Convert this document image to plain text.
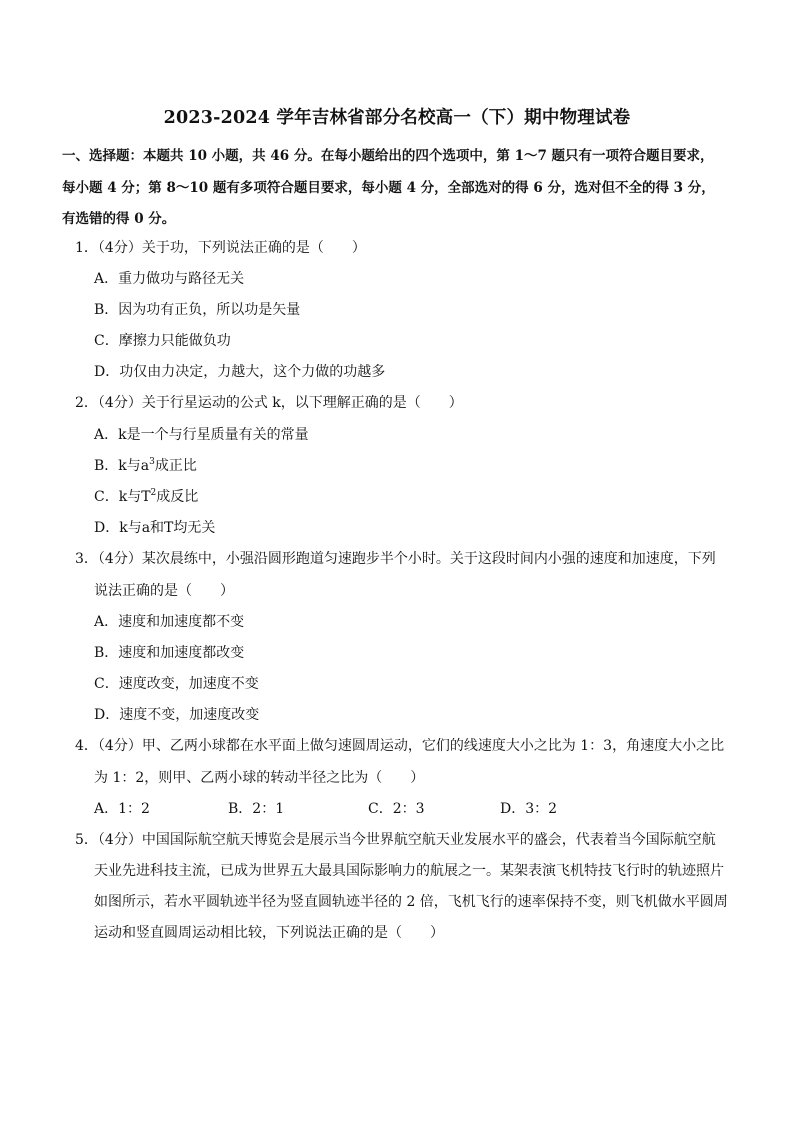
2023-2024 学年吉林省部分名校高一（下）期中物理试卷
一、选择题：本题共 10 小题，共 46 分。在每小题给出的四个选项中，第 1～7 题只有一项符合题目要求，
每小题 4 分；第 8～10 题有多项符合题目要求，每小题 4 分，全部选对的得 6 分，选对但不全的得 3 分，
有选错的得 0 分。
1．（4分）关于功，下列说法正确的是（　　）
A．重力做功与路径无关
B．因为功有正负，所以功是矢量
C．摩擦力只能做负功
D．功仅由力决定，力越大，这个力做的功越多
2．（4分）关于行星运动的公式 k，以下理解正确的是（　　）
A．k是一个与行星质量有关的常量
B．k与$a^3$成正比
C．k与$T^2$成反比
D．k与a和T均无关
3．（4分）某次晨练中，小强沿圆形跑道匀速跑步半个小时。关于这段时间内小强的速度和加速度，下列
说法正确的是（　　）
A．速度和加速度都不变
B．速度和加速度都改变
C．速度改变，加速度不变
D．速度不变，加速度改变
4．（4分）甲、乙两小球都在水平面上做匀速圆周运动，它们的线速度大小之比为 1：3，角速度大小之比
为 1：2，则甲、乙两小球的转动半径之比为（　　）
A．1：2	B．2：1	C．2：3	D．3：2
5．（4分）中国国际航空航天博览会是展示当今世界航空航天业发展水平的盛会，代表着当今国际航空航
天业先进科技主流，已成为世界五大最具国际影响力的航展之一。某架表演飞机特技飞行时的轨迹照片
如图所示，若水平圆轨迹半径为竖直圆轨迹半径的 2 倍，飞机飞行的速率保持不变，则飞机做水平圆周
运动和竖直圆周运动相比较，下列说法正确的是（　　）
